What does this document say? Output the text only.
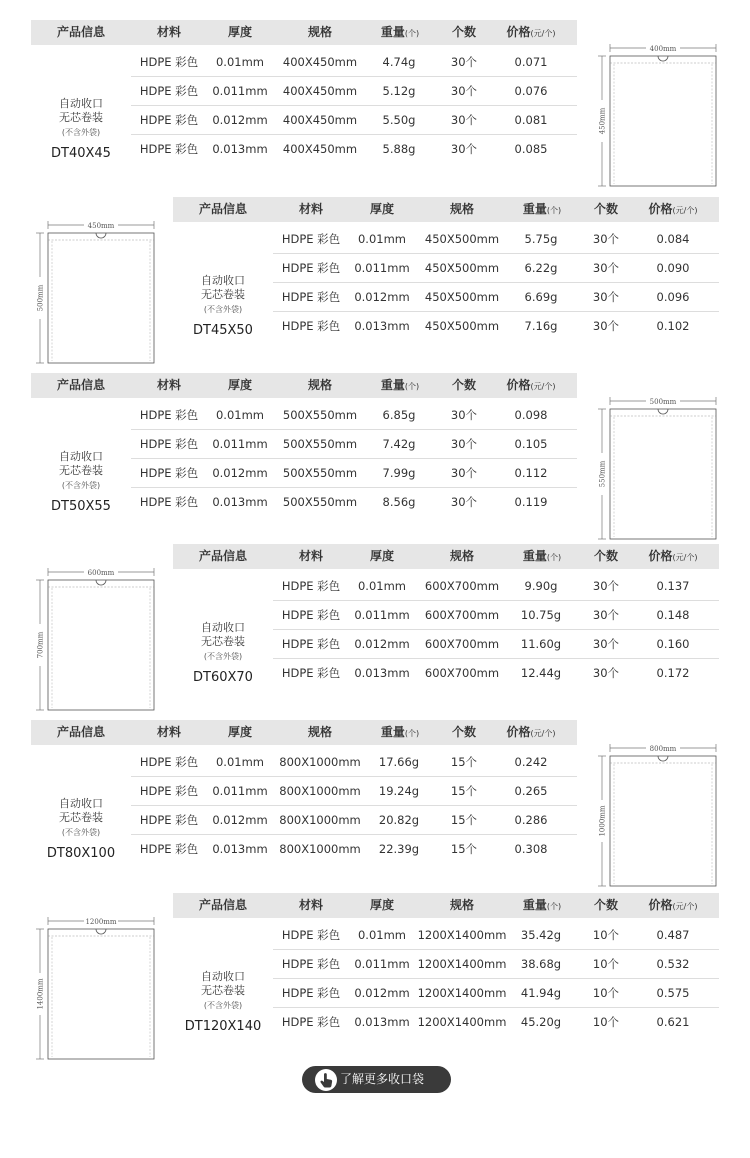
产品信息	材料	厚度	规格	重量(个)	个数	价格(元/个)
自动收口
无芯卷装
(不含外袋)
DT40X45
HDPE 彩色	0.01mm	400X450mm	4.74g	30个	0.071
HDPE 彩色	0.011mm	400X450mm	5.12g	30个	0.076
HDPE 彩色	0.012mm	400X450mm	5.50g	30个	0.081
HDPE 彩色	0.013mm	400X450mm	5.88g	30个	0.085
400mm
450mm
产品信息	材料	厚度	规格	重量(个)	个数	价格(元/个)
自动收口
无芯卷装
(不含外袋)
DT45X50
HDPE 彩色	0.01mm	450X500mm	5.75g	30个	0.084
HDPE 彩色	0.011mm	450X500mm	6.22g	30个	0.090
HDPE 彩色	0.012mm	450X500mm	6.69g	30个	0.096
HDPE 彩色	0.013mm	450X500mm	7.16g	30个	0.102
450mm
500mm
产品信息	材料	厚度	规格	重量(个)	个数	价格(元/个)
自动收口
无芯卷装
(不含外袋)
DT50X55
HDPE 彩色	0.01mm	500X550mm	6.85g	30个	0.098
HDPE 彩色	0.011mm	500X550mm	7.42g	30个	0.105
HDPE 彩色	0.012mm	500X550mm	7.99g	30个	0.112
HDPE 彩色	0.013mm	500X550mm	8.56g	30个	0.119
500mm
550mm
产品信息	材料	厚度	规格	重量(个)	个数	价格(元/个)
自动收口
无芯卷装
(不含外袋)
DT60X70
HDPE 彩色	0.01mm	600X700mm	9.90g	30个	0.137
HDPE 彩色	0.011mm	600X700mm	10.75g	30个	0.148
HDPE 彩色	0.012mm	600X700mm	11.60g	30个	0.160
HDPE 彩色	0.013mm	600X700mm	12.44g	30个	0.172
600mm
700mm
产品信息	材料	厚度	规格	重量(个)	个数	价格(元/个)
自动收口
无芯卷装
(不含外袋)
DT80X100
HDPE 彩色	0.01mm	800X1000mm	17.66g	15个	0.242
HDPE 彩色	0.011mm	800X1000mm	19.24g	15个	0.265
HDPE 彩色	0.012mm	800X1000mm	20.82g	15个	0.286
HDPE 彩色	0.013mm	800X1000mm	22.39g	15个	0.308
800mm
1000mm
产品信息	材料	厚度	规格	重量(个)	个数	价格(元/个)
自动收口
无芯卷装
(不含外袋)
DT120X140
HDPE 彩色	0.01mm	1200X1400mm	35.42g	10个	0.487
HDPE 彩色	0.011mm 1200X1400mm	38.68g	10个	0.532
HDPE 彩色	0.012mm 1200X1400mm	41.94g	10个	0.575
HDPE 彩色	0.013mm 1200X1400mm	45.20g	10个	0.621
1200mm
1400mm
了解更多收口袋
